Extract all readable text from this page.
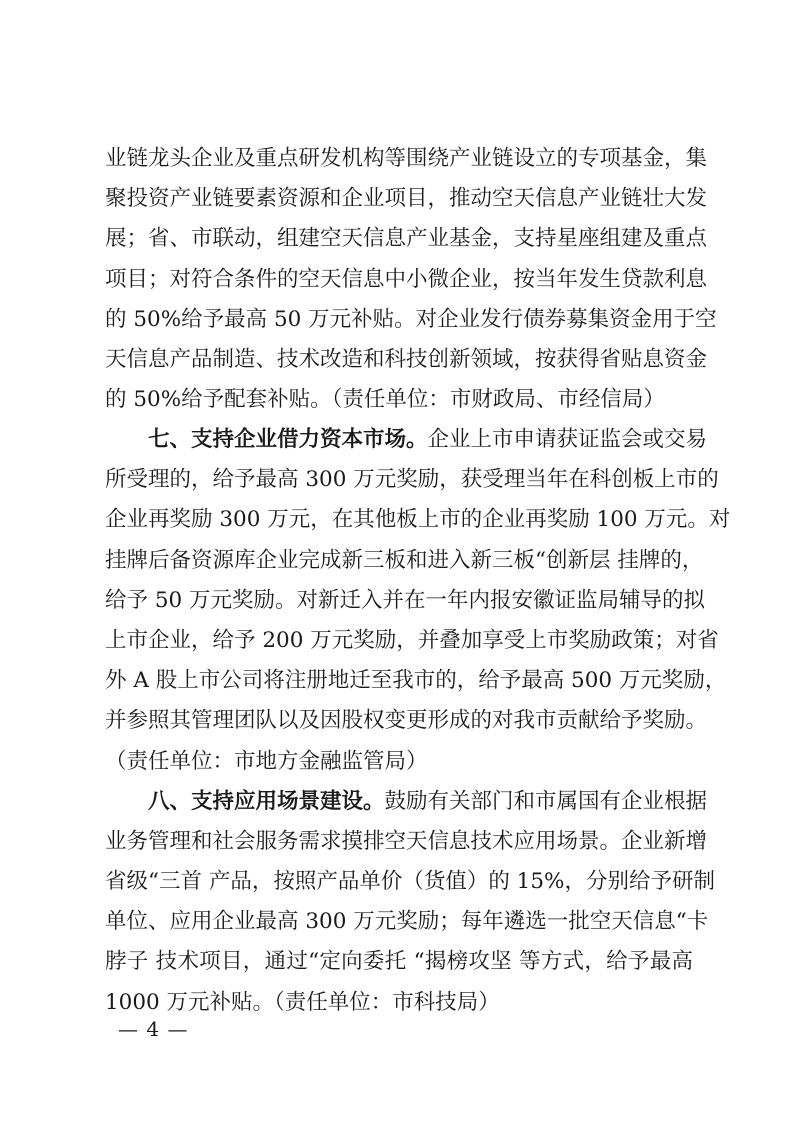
业链龙头企业及重点研发机构等围绕产业链设立的专项基金，集
聚投资产业链要素资源和企业项目，推动空天信息产业链壮大发
展；省、市联动，组建空天信息产业基金，支持星座组建及重点
项目；对符合条件的空天信息中小微企业，按当年发生贷款利息
的 50%给予最高 50 万元补贴。对企业发行债券募集资金用于空
天信息产品制造、技术改造和科技创新领域，按获得省贴息资金
的 50%给予配套补贴。（责任单位：市财政局、市经信局）
七、支持企业借力资本市场。企业上市申请获证监会或交易
所受理的，给予最高 300 万元奖励，获受理当年在科创板上市的
企业再奖励 300 万元，在其他板上市的企业再奖励 100 万元。对
挂牌后备资源库企业完成新三板和进入新三板“创新层 挂牌的，
给予 50 万元奖励。对新迁入并在一年内报安徽证监局辅导的拟
上市企业，给予 200 万元奖励，并叠加享受上市奖励政策；对省
外 A 股上市公司将注册地迁至我市的，给予最高 500 万元奖励，
并参照其管理团队以及因股权变更形成的对我市贡献给予奖励。
（责任单位：市地方金融监管局）
八、支持应用场景建设。鼓励有关部门和市属国有企业根据
业务管理和社会服务需求摸排空天信息技术应用场景。企业新增
省级“三首 产品，按照产品单价（货值）的 15%，分别给予研制
单位、应用企业最高 300 万元奖励；每年遴选一批空天信息“卡
脖子 技术项目，通过“定向委托 “揭榜攻坚 等方式，给予最高
1000 万元补贴。（责任单位：市科技局）
— 4 —
